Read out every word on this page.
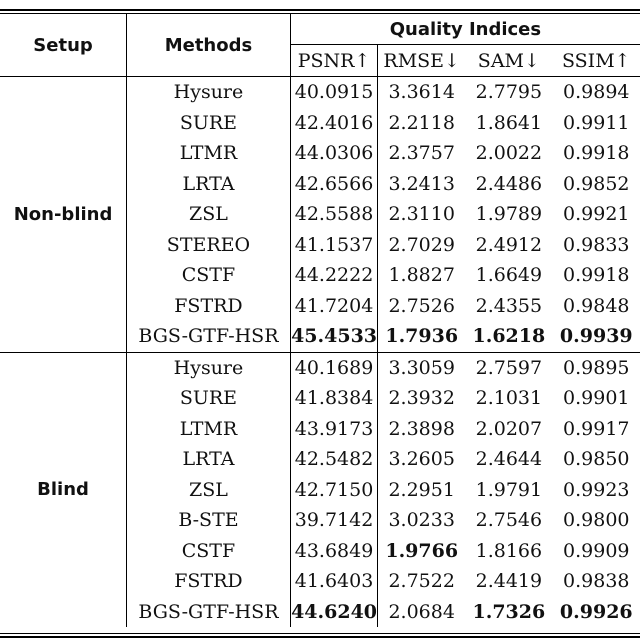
Setup	Methods	Quality Indices			
		PSNR↑	RMSE↓	SAM↓	SSIM↑
Non-blind	Hysure	40.0915	3.3614	2.7795	0.9894
	SURE	42.4016	2.2118	1.8641	0.9911
	LTMR	44.0306	2.3757	2.0022	0.9918
	LRTA	42.6566	3.2413	2.4486	0.9852
	ZSL	42.5588	2.3110	1.9789	0.9921
	STEREO	41.1537	2.7029	2.4912	0.9833
	CSTF	44.2222	1.8827	1.6649	0.9918
	FSTRD	41.7204	2.7526	2.4355	0.9848
	BGS-GTF-HSR	45.4533	1.7936	1.6218	0.9939
Blind	Hysure	40.1689	3.3059	2.7597	0.9895
	SURE	41.8384	2.3932	2.1031	0.9901
	LTMR	43.9173	2.3898	2.0207	0.9917
	LRTA	42.5482	3.2605	2.4644	0.9850
	ZSL	42.7150	2.2951	1.9791	0.9923
	B-STE	39.7142	3.0233	2.7546	0.9800
	CSTF	43.6849	1.9766	1.8166	0.9909
	FSTRD	41.6403	2.7522	2.4419	0.9838
	BGS-GTF-HSR	44.6240	2.0684	1.7326	0.9926
